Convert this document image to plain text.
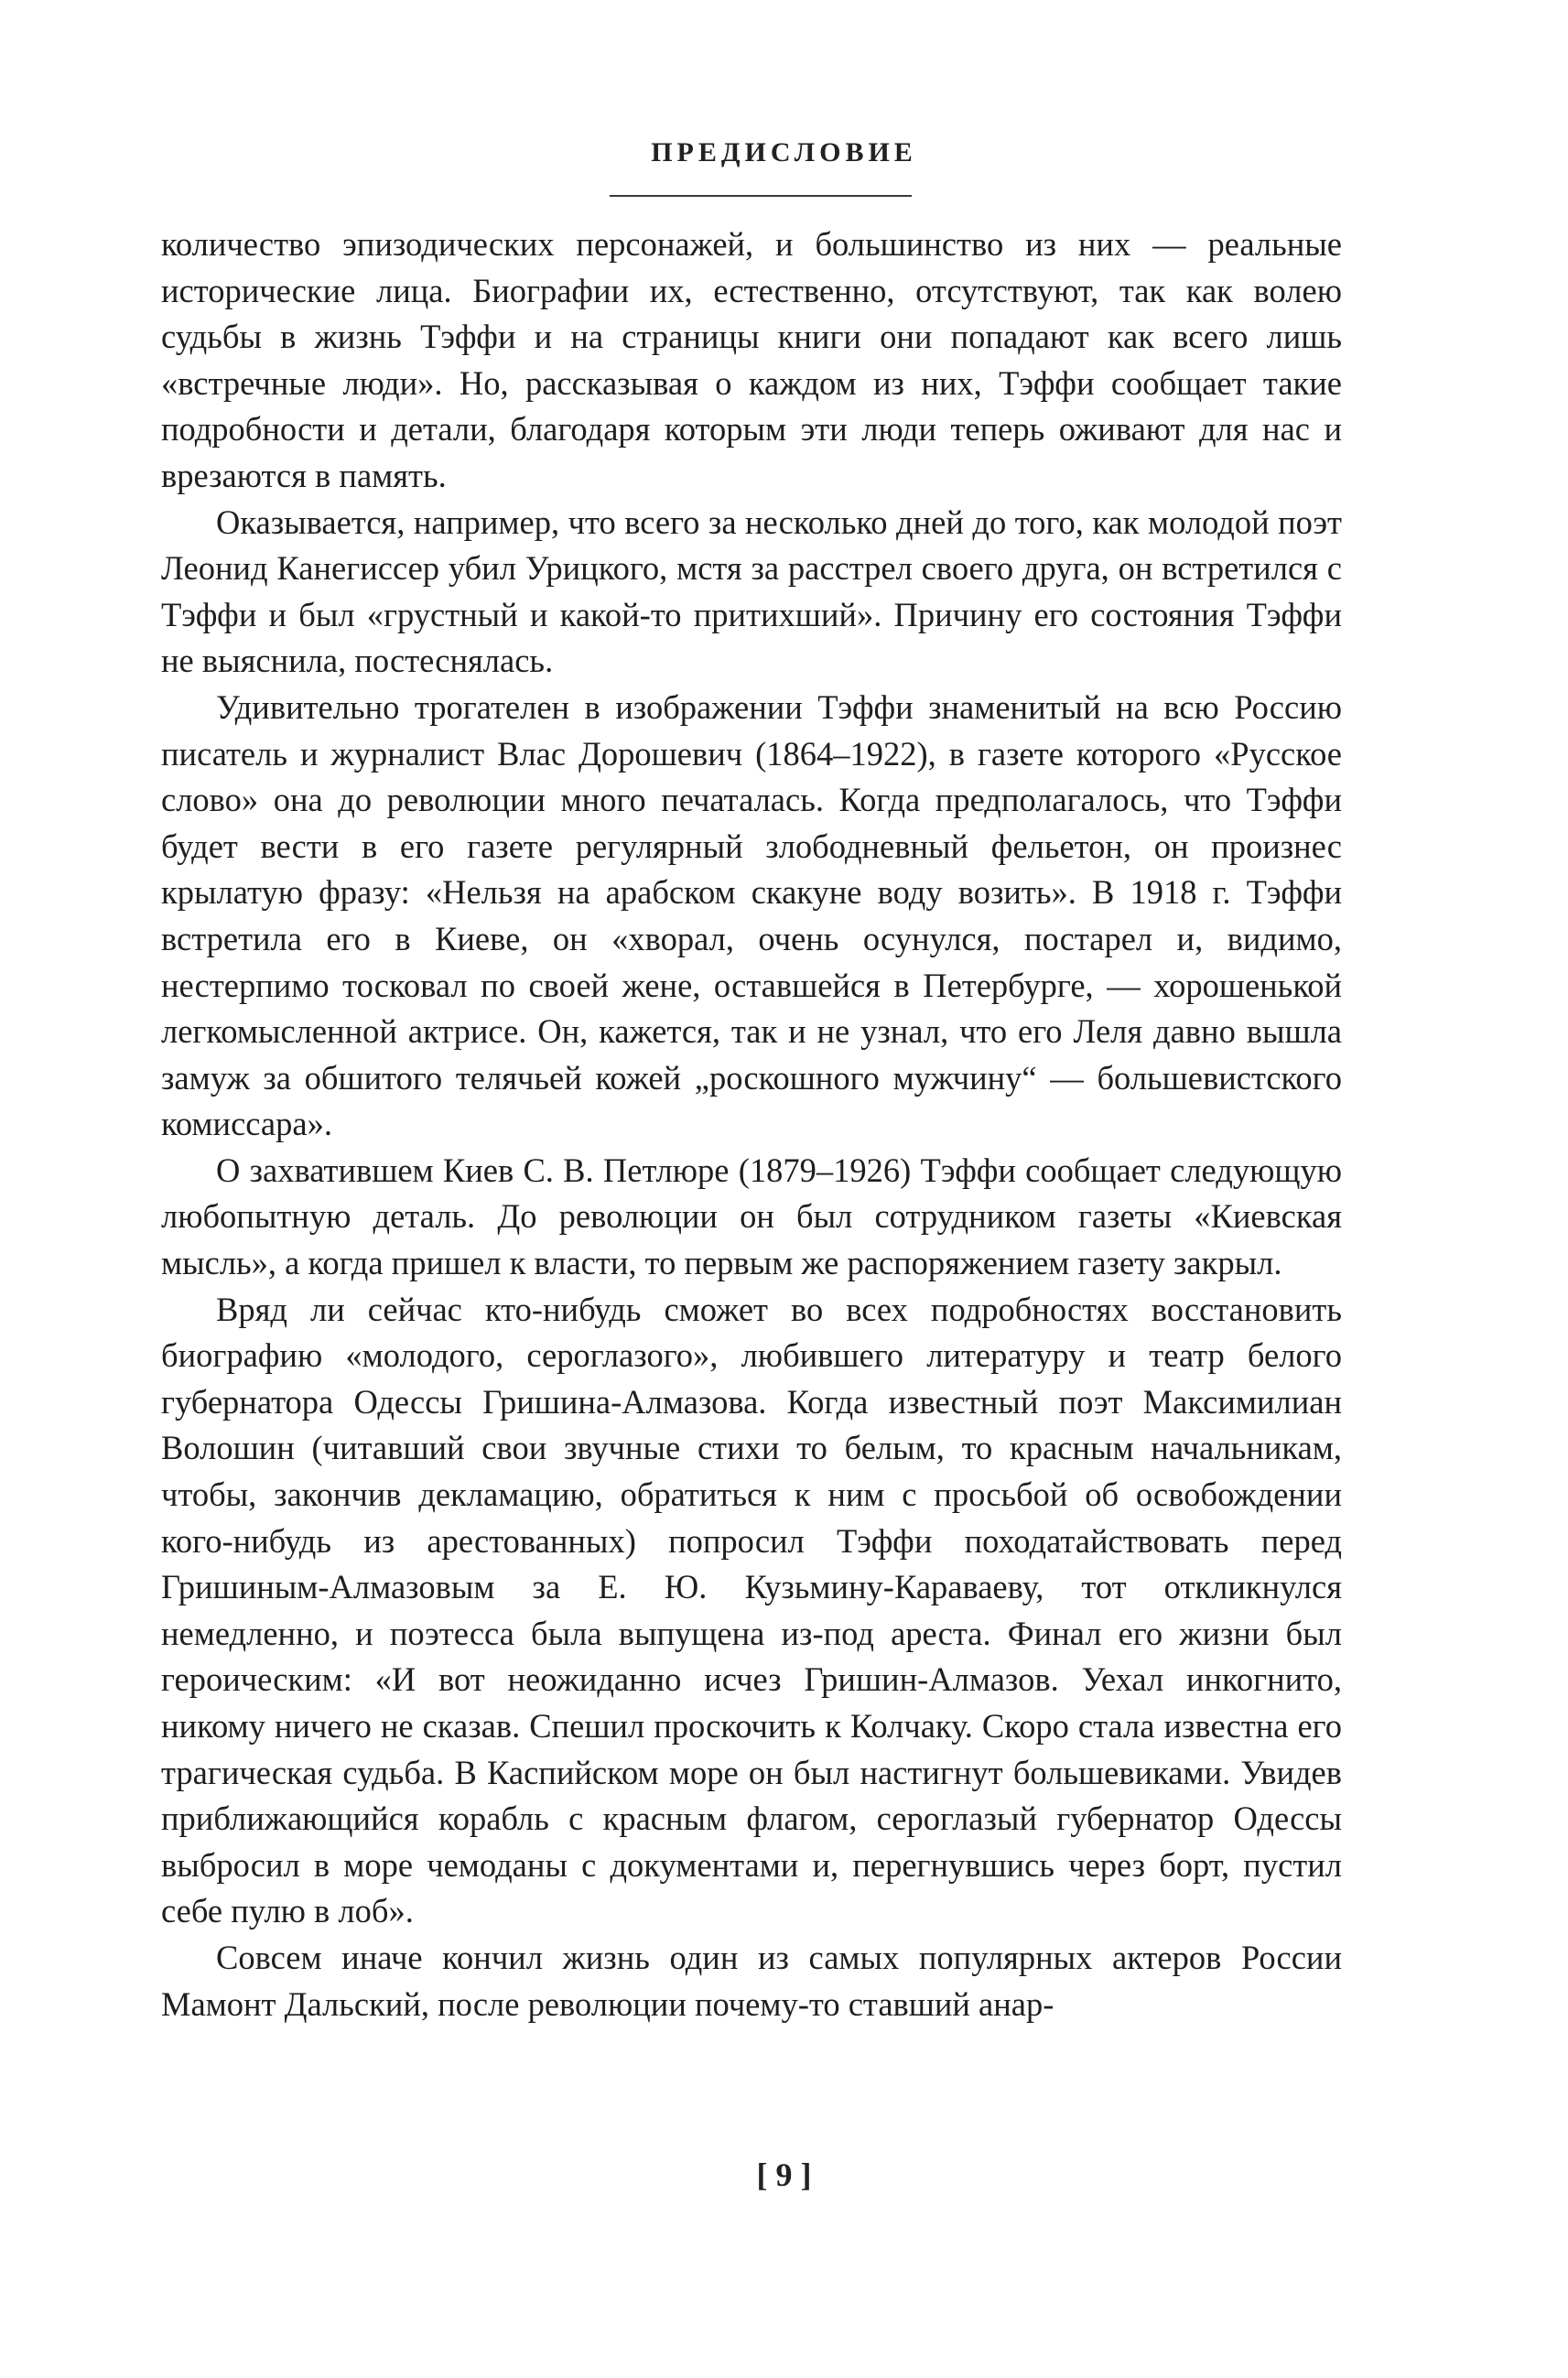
ПРЕДИСЛОВИЕ

количество эпизодических персонажей, и большинство из них — реальные исторические лица. Биографии их, естественно, отсутствуют, так как волею судьбы в жизнь Тэффи и на страницы книги они попадают как всего лишь «встречные люди». Но, рассказывая о каждом из них, Тэффи сообщает такие подробности и детали, благодаря которым эти люди теперь оживают для нас и врезаются в память.

Оказывается, например, что всего за несколько дней до того, как молодой поэт Леонид Канегиссер убил Урицкого, мстя за расстрел своего друга, он встретился с Тэффи и был «грустный и какой-то притихший». Причину его состояния Тэффи не выяснила, постеснялась.

Удивительно трогателен в изображении Тэффи знаменитый на всю Россию писатель и журналист Влас Дорошевич (1864–1922), в газете которого «Русское слово» она до революции много печаталась. Когда предполагалось, что Тэффи будет вести в его газете регулярный злободневный фельетон, он произнес крылатую фразу: «Нельзя на арабском скакуне воду возить». В 1918 г. Тэффи встретила его в Киеве, он «хворал, очень осунулся, постарел и, видимо, нестерпимо тосковал по своей жене, оставшейся в Петербурге, — хорошенькой легкомысленной актрисе. Он, кажется, так и не узнал, что его Леля давно вышла замуж за обшитого телячьей кожей „роскошного мужчину“ — большевистского комиссара».

О захватившем Киев С. В. Петлюре (1879–1926) Тэффи сообщает следующую любопытную деталь. До революции он был сотрудником газеты «Киевская мысль», а когда пришел к власти, то первым же распоряжением газету закрыл.

Вряд ли сейчас кто-нибудь сможет во всех подробностях восстановить биографию «молодого, сероглазого», любившего литературу и театр белого губернатора Одессы Гришина-Алмазова. Когда известный поэт Максимилиан Волошин (читавший свои звучные стихи то белым, то красным начальникам, чтобы, закончив декламацию, обратиться к ним с просьбой об освобождении кого-нибудь из арестованных) попросил Тэффи походатайствовать перед Гришиным-Алмазовым за Е. Ю. Кузьмину-Караваеву, тот откликнулся немедленно, и поэтесса была выпущена из-под ареста. Финал его жизни был героическим: «И вот неожиданно исчез Гришин-Алмазов. Уехал инкогнито, никому ничего не сказав. Спешил проскочить к Колчаку. Скоро стала известна его трагическая судьба. В Каспийском море он был настигнут большевиками. Увидев приближающийся корабль с красным флагом, сероглазый губернатор Одессы выбросил в море чемоданы с документами и, перегнувшись через борт, пустил себе пулю в лоб».

Совсем иначе кончил жизнь один из самых популярных актеров России Мамонт Дальский, после революции почему-то ставший анар-

[ 9 ]
